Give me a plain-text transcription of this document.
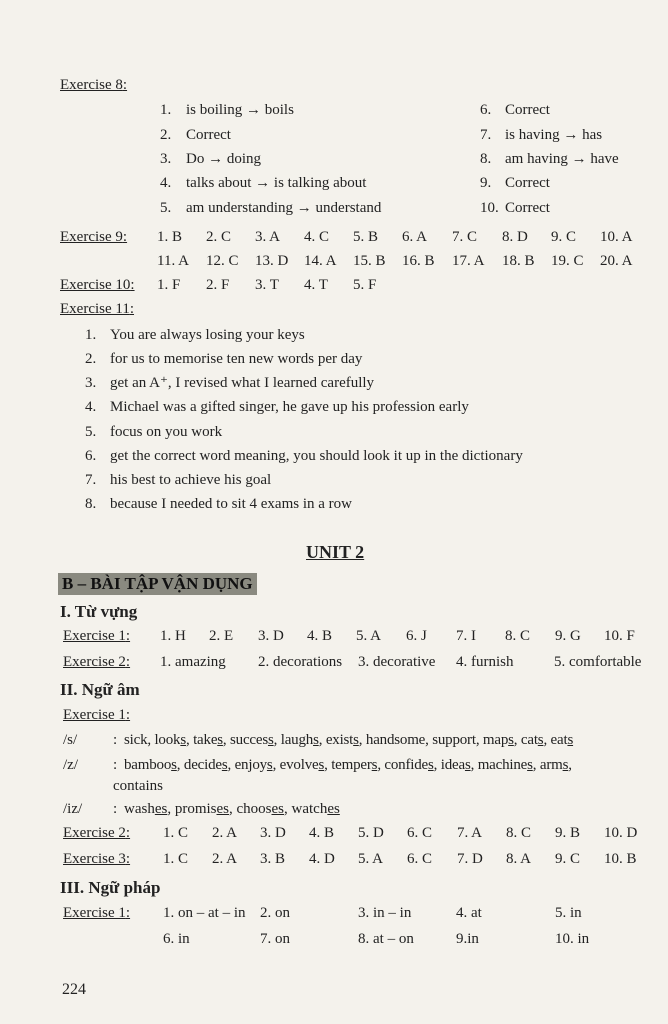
Exercise 8:
1. is boiling → boils
2. Correct
3. Do → doing
4. talks about → is talking about
5. am understanding → understand
6. Correct
7. is having → has
8. am having → have
9. Correct
10. Correct
Exercise 9: 1. B 2. C 3. A 4. C 5. B 6. A 7. C 8. D 9. C 10. A
11. A 12. C 13. D 14. A 15. B 16. B 17. A 18. B 19. C 20. A
Exercise 10: 1. F 2. F 3. T 4. T 5. F
Exercise 11:
1. You are always losing your keys
2. for us to memorise ten new words per day
3. get an A⁺, I revised what I learned carefully
4. Michael was a gifted singer, he gave up his profession early
5. focus on you work
6. get the correct word meaning, you should look it up in the dictionary
7. his best to achieve his goal
8. because I needed to sit 4 exams in a row
UNIT 2
B – BÀI TẬP VẬN DỤNG
I. Từ vựng
Exercise 1: 1. H 2. E 3. D 4. B 5. A 6. J 7. I 8. C 9. G 10. F
Exercise 2: 1. amazing 2. decorations 3. decorative 4. furnish	5. comfortable
II. Ngữ âm
Exercise 1:
/s/ : sick, looks, takes, success, laughs, exists, handsome, support, maps, cats, eats
/z/ : bamboos, decides, enjoys, evolves, tempers, confides, ideas, machines, arms,
contains
/iz/ : washes, promises, chooses, watches
Exercise 2: 1. C 2. A 3. D 4. B 5. D 6. C 7. A 8. C 9. B 10. D
Exercise 3: 1. C 2. A 3. B 4. D 5. A 6. C 7. D 8. A 9. C 10. B
III. Ngữ pháp
Exercise 1: 1. on – at – in 2. on	3. in – in	4. at	5. in
6. in	7. on	8. at – on	9.in	10. in
224
